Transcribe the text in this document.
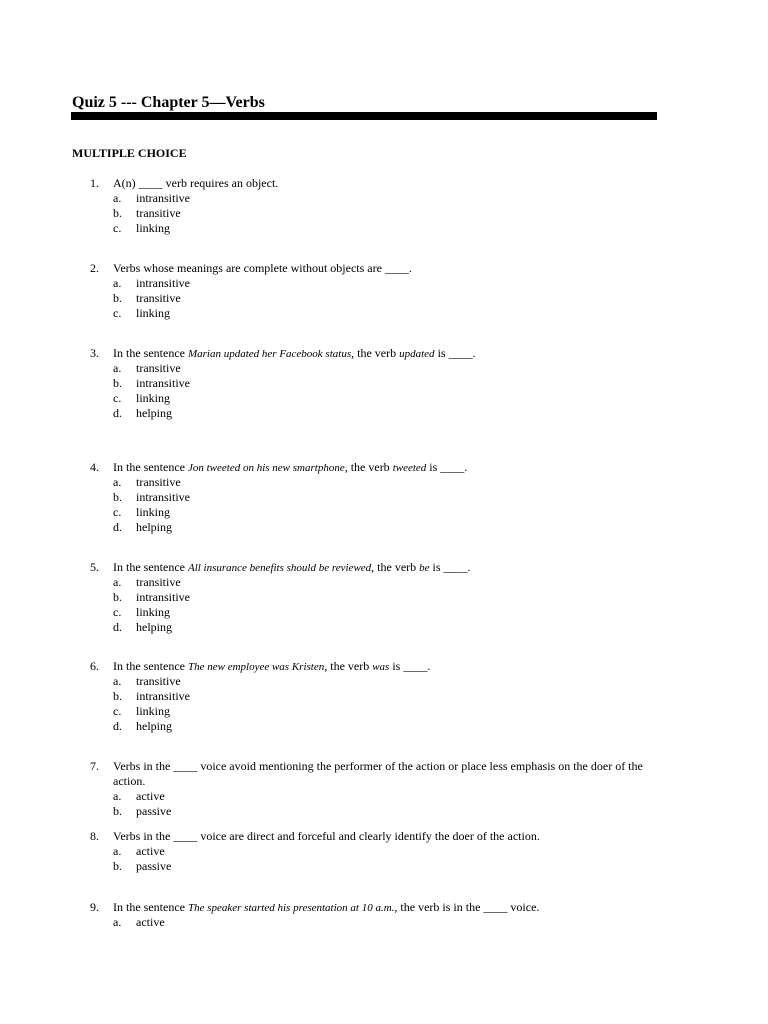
Quiz 5 --- Chapter 5—Verbs
MULTIPLE CHOICE
1. A(n) ____ verb requires an object.
a. intransitive
b. transitive
c. linking
2. Verbs whose meanings are complete without objects are ____.
a. intransitive
b. transitive
c. linking
3. In the sentence Marian updated her Facebook status, the verb updated is ____.
a. transitive
b. intransitive
c. linking
d. helping
4. In the sentence Jon tweeted on his new smartphone, the verb tweeted is ____.
a. transitive
b. intransitive
c. linking
d. helping
5. In the sentence All insurance benefits should be reviewed, the verb be is ____.
a. transitive
b. intransitive
c. linking
d. helping
6. In the sentence The new employee was Kristen, the verb was is ____.
a. transitive
b. intransitive
c. linking
d. helping
7. Verbs in the ____ voice avoid mentioning the performer of the action or place less emphasis on the doer of the action.
a. active
b. passive
8. Verbs in the ____ voice are direct and forceful and clearly identify the doer of the action.
a. active
b. passive
9. In the sentence The speaker started his presentation at 10 a.m., the verb is in the ____ voice.
a. active
